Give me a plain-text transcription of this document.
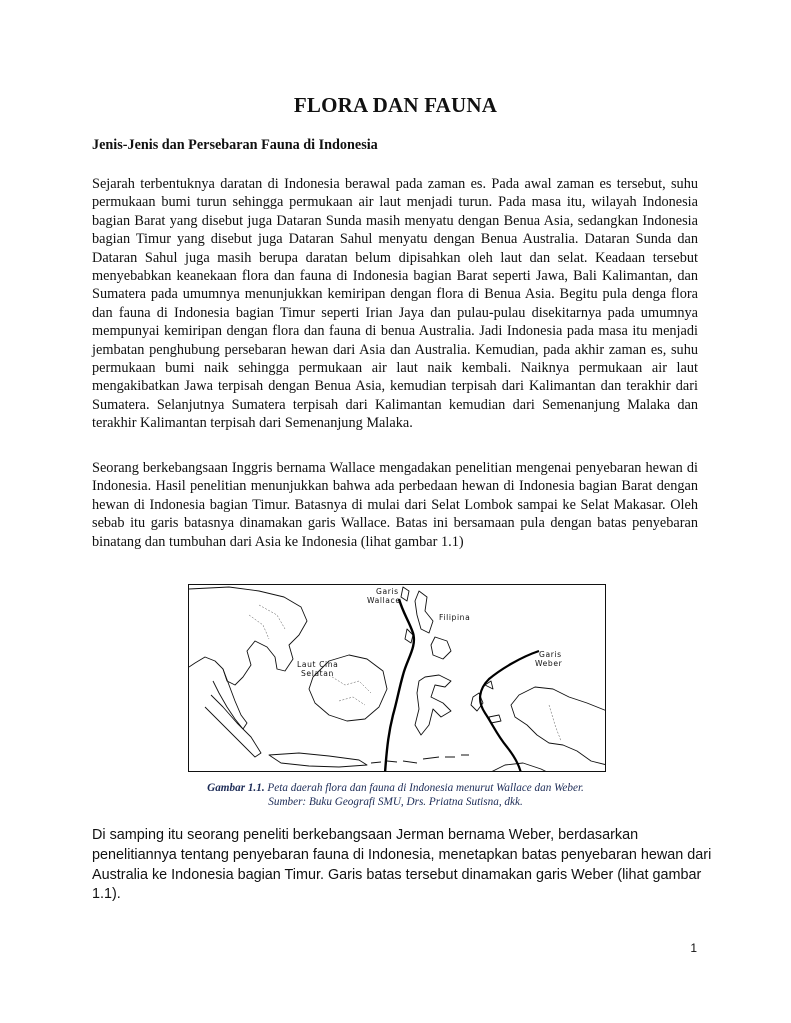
FLORA DAN FAUNA
Jenis-Jenis dan Persebaran Fauna di Indonesia

Sejarah terbentuknya daratan di Indonesia berawal pada zaman es. Pada awal zaman es tersebut, suhu permukaan bumi turun sehingga permukaan air laut menjadi turun. Pada masa itu, wilayah Indonesia bagian Barat yang disebut juga Dataran Sunda masih menyatu dengan Benua Asia, sedangkan Indonesia bagian Timur yang disebut juga Dataran Sahul menyatu dengan Benua Australia. Dataran Sunda dan Dataran Sahul juga masih berupa daratan belum dipisahkan oleh laut dan selat. Keadaan tersebut menyebabkan keanekaan flora dan fauna di Indonesia bagian Barat seperti Jawa, Bali Kalimantan, dan Sumatera pada umumnya menunjukkan kemiripan dengan flora di Benua Asia. Begitu pula denga flora dan fauna di Indonesia bagian Timur seperti Irian Jaya dan pulau-pulau disekitarnya pada umumnya mempunyai kemiripan dengan flora dan fauna di benua Australia. Jadi Indonesia pada masa itu menjadi jembatan penghubung persebaran hewan dari Asia dan Australia. Kemudian, pada akhir zaman es, suhu permukaan bumi naik sehingga permukaan air laut naik kembali. Naiknya permukaan air laut mengakibatkan Jawa terpisah dengan Benua Asia, kemudian terpisah dari Kalimantan dan terakhir dari Sumatera. Selanjutnya Sumatera terpisah dari Kalimantan kemudian dari Semenanjung Malaka dan terakhir Kalimantan terpisah dari Semenanjung Malaka.

Seorang berkebangsaan Inggris bernama Wallace mengadakan penelitian mengenai penyebaran hewan di Indonesia. Hasil penelitian menunjukkan bahwa ada perbedaan hewan di Indonesia bagian Barat dengan hewan di Indonesia bagian Timur. Batasnya di mulai dari Selat Lombok sampai ke Selat Makasar. Oleh sebab itu garis batasnya dinamakan garis Wallace. Batas ini bersamaan pula dengan batas penyebaran binatang dan tumbuhan dari Asia ke Indonesia (lihat gambar 1.1)

Garis
Wallace
Filipina
Laut Cina
Selatan
Garis
Weber
Gambar 1.1. Peta daerah flora dan fauna di Indonesia menurut Wallace dan Weber.
Sumber: Buku Geografi SMU, Drs. Priatna Sutisna, dkk.

Di samping itu seorang peneliti berkebangsaan Jerman bernama Weber, berdasarkan penelitiannya tentang penyebaran fauna di Indonesia, menetapkan batas penyebaran hewan dari Australia ke Indonesia bagian Timur. Garis batas tersebut dinamakan garis Weber (lihat gambar 1.1).

1
